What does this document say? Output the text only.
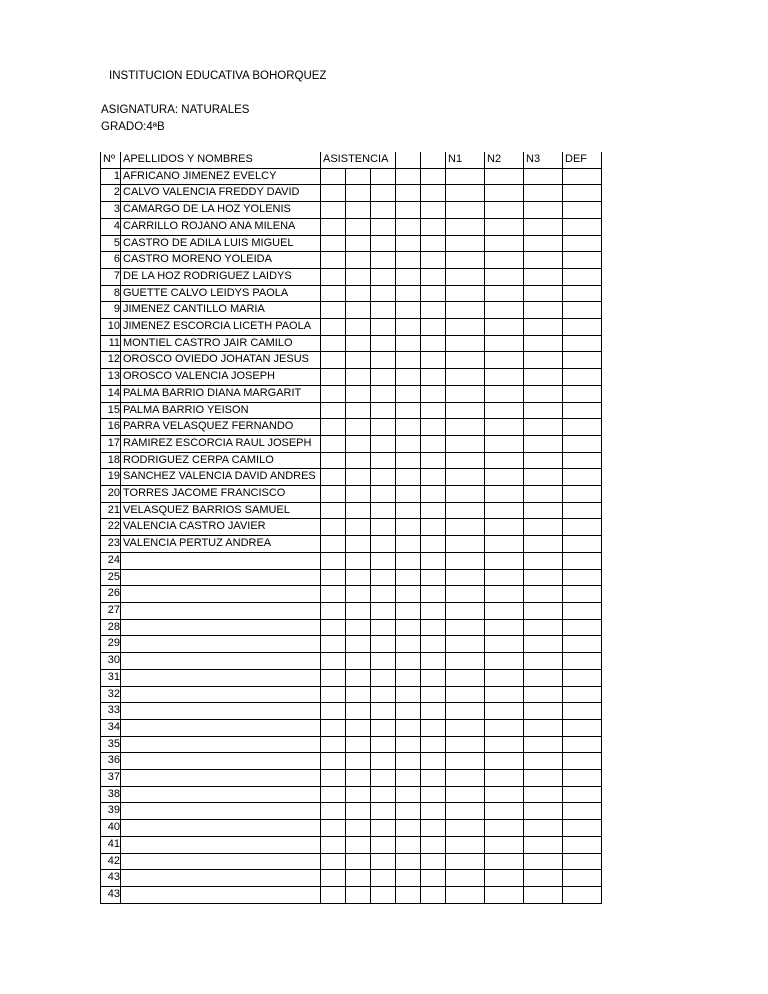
INSTITUCION EDUCATIVA BOHORQUEZ
ASIGNATURA: NATURALES
GRADO:4ªB
Nº	APELLIDOS Y NOMBRES	ASISTENCIA					N1	N2	N3	DEF
1	AFRICANO JIMENEZ EVELCY									
2	CALVO VALENCIA FREDDY DAVID									
3	CAMARGO DE LA HOZ YOLENIS									
4	CARRILLO ROJANO ANA MILENA									
5	CASTRO DE ADILA LUIS MIGUEL									
6	CASTRO MORENO YOLEIDA									
7	DE LA HOZ RODRIGUEZ LAIDYS									
8	GUETTE CALVO LEIDYS PAOLA									
9	JIMENEZ CANTILLO MARIA									
10	JIMENEZ ESCORCIA LICETH PAOLA									
11	MONTIEL CASTRO JAIR CAMILO									
12	OROSCO OVIEDO JOHATAN JESUS									
13	OROSCO VALENCIA JOSEPH									
14	PALMA BARRIO DIANA MARGARIT									
15	PALMA BARRIO YEISON									
16	PARRA VELASQUEZ FERNANDO									
17	RAMIREZ ESCORCIA RAUL JOSEPH									
18	RODRIGUEZ CERPA CAMILO									
19	SANCHEZ VALENCIA DAVID ANDRES									
20	TORRES JACOME FRANCISCO									
21	VELASQUEZ BARRIOS SAMUEL									
22	VALENCIA CASTRO JAVIER									
23	VALENCIA PERTUZ ANDREA									
24										
25										
26										
27										
28										
29										
30										
31										
32										
33										
34										
35										
36										
37										
38										
39										
40										
41										
42										
43										
43										
